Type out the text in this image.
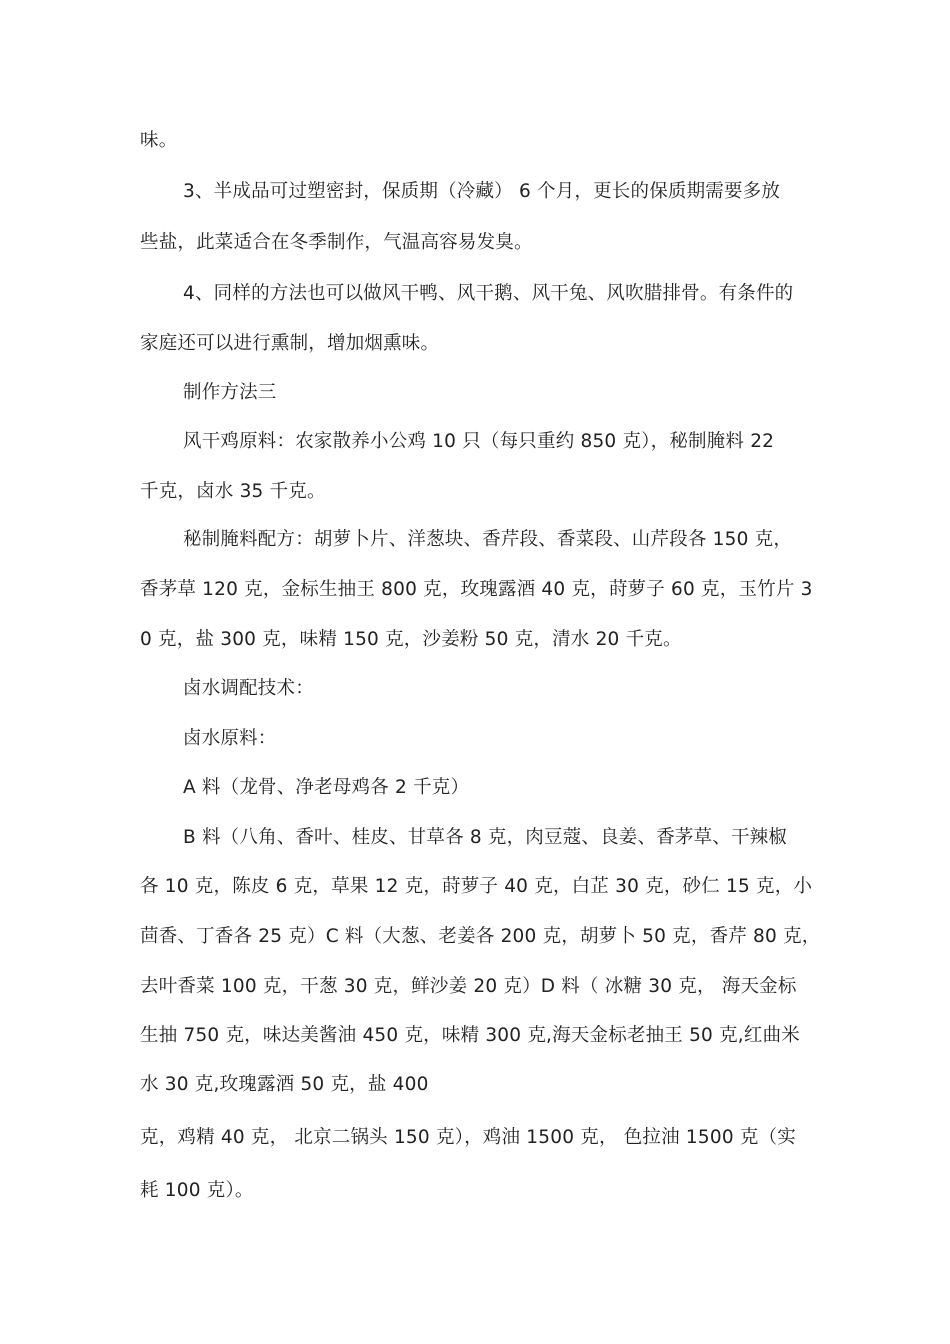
味。
3、半成品可过塑密封，保质期（冷藏） 6 个月，更长的保质期需要多放
些盐，此菜适合在冬季制作，气温高容易发臭。
4、同样的方法也可以做风干鸭、风干鹅、风干兔、风吹腊排骨。有条件的
家庭还可以进行熏制，增加烟熏味。
制作方法三
风干鸡原料：农家散养小公鸡 10 只（每只重约 850 克），秘制腌料 22
千克，卤水 35 千克。
秘制腌料配方：胡萝卜片、洋葱块、香芹段、香菜段、山芹段各 150 克，
香茅草 120 克，金标生抽王 800 克，玫瑰露酒 40 克，莳萝子 60 克，玉竹片 3
0 克，盐 300 克，味精 150 克，沙姜粉 50 克，清水 20 千克。
卤水调配技术：
卤水原料：
A 料（龙骨、净老母鸡各 2 千克）
B 料（八角、香叶、桂皮、甘草各 8 克，肉豆蔻、良姜、香茅草、干辣椒
各 10 克，陈皮 6 克，草果 12 克，莳萝子 40 克，白芷 30 克，砂仁 15 克，小
茴香、丁香各 25 克）C 料（大葱、老姜各 200 克，胡萝卜 50 克，香芹 80 克，
去叶香菜 100 克，干葱 30 克，鲜沙姜 20 克）D 料（ 冰糖 30 克， 海天金标
生抽 750 克，味达美酱油 450 克，味精 300 克,海天金标老抽王 50 克,红曲米
水 30 克,玫瑰露酒 50 克，盐 400
克，鸡精 40 克， 北京二锅头 150 克），鸡油 1500 克， 色拉油 1500 克（实
耗 100 克）。
